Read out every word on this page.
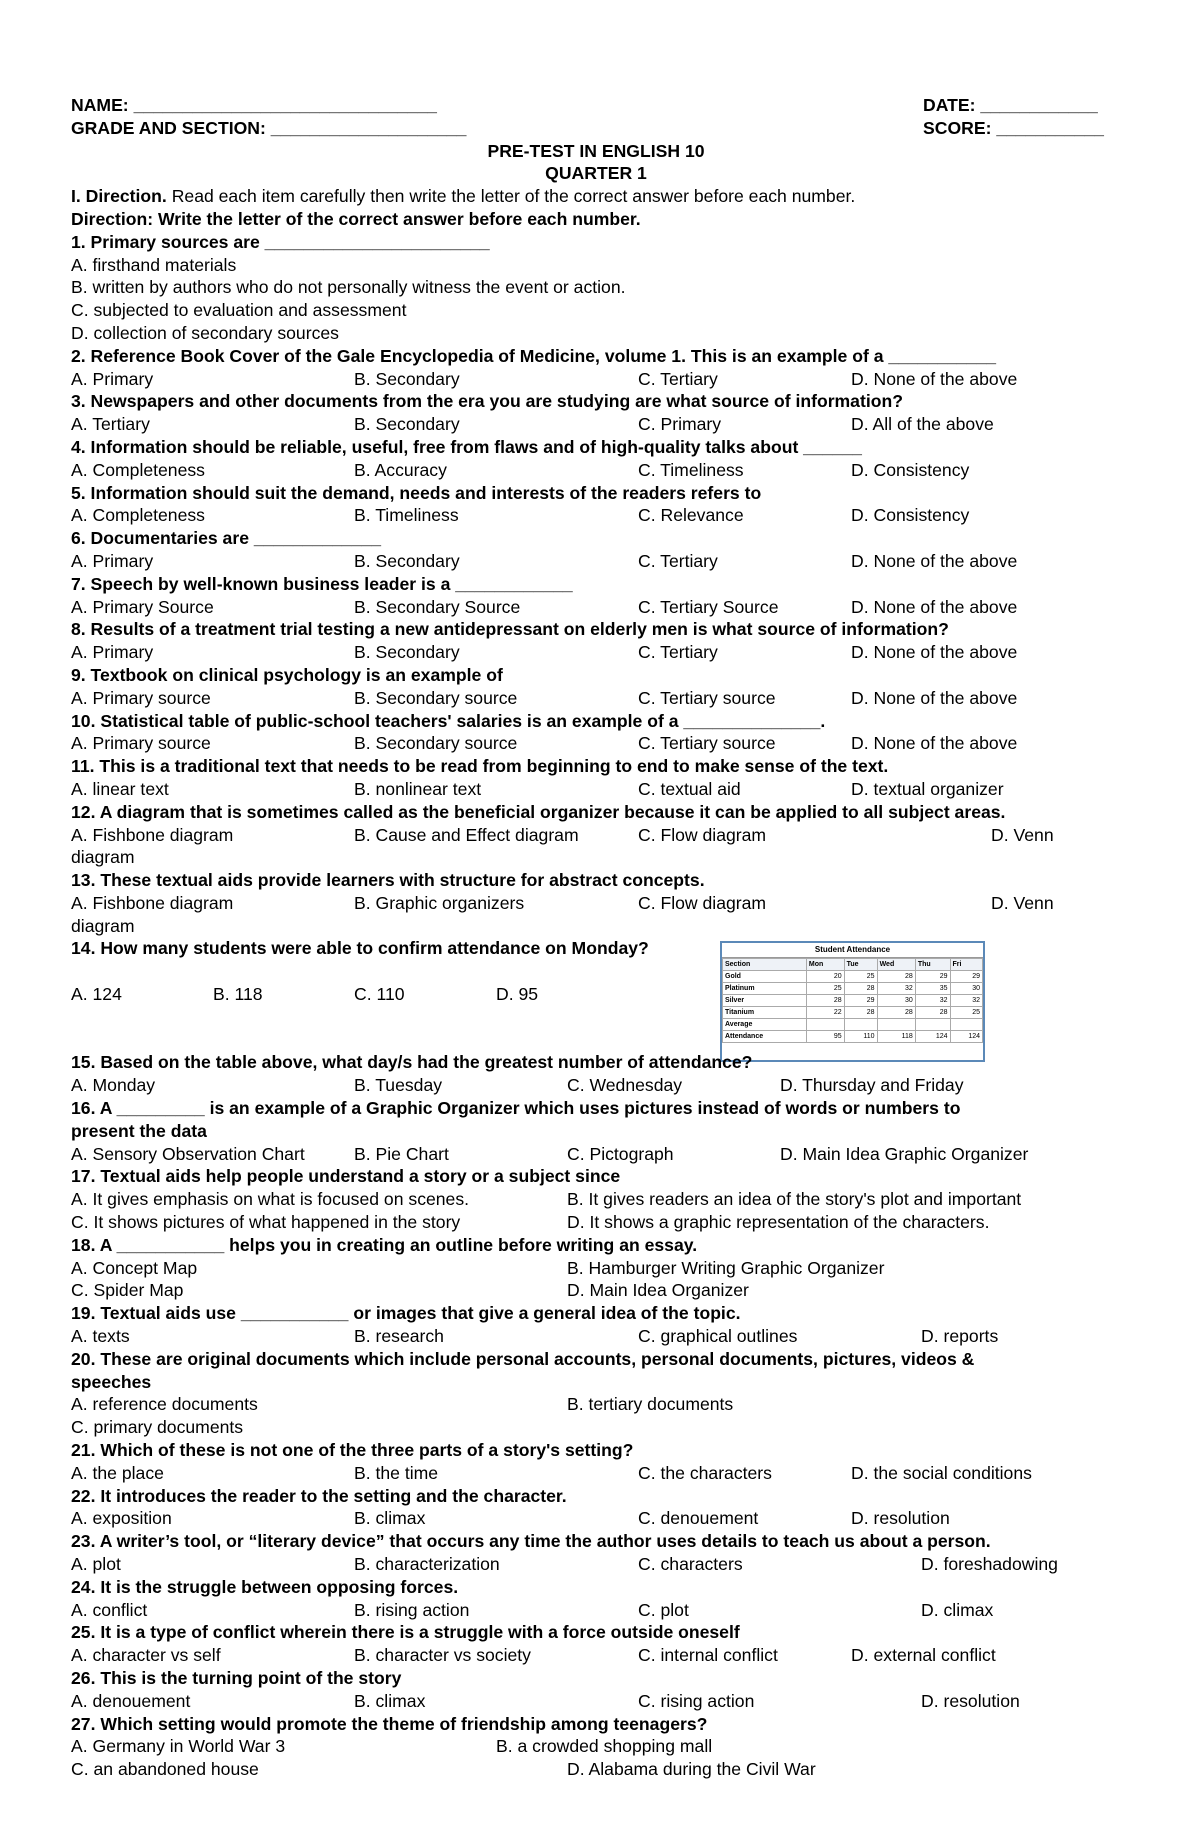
NAME: _______________________________	DATE: ____________
GRADE AND SECTION: ____________________	SCORE: ___________
PRE-TEST IN ENGLISH 10
QUARTER 1
I. Direction. Read each item carefully then write the letter of the correct answer before each number.
Direction: Write the letter of the correct answer before each number.
1. Primary sources are _______________________
A. firsthand materials
B. written by authors who do not personally witness the event or action.
C. subjected to evaluation and assessment
D. collection of secondary sources
2. Reference Book Cover of the Gale Encyclopedia of Medicine, volume 1. This is an example of a ___________
A. Primary	B. Secondary	C. Tertiary	D. None of the above
3. Newspapers and other documents from the era you are studying are what source of information?
A. Tertiary	B. Secondary	C. Primary	D. All of the above
4. Information should be reliable, useful, free from flaws and of high-quality talks about ______
A. Completeness	B. Accuracy	C. Timeliness	D. Consistency
5. Information should suit the demand, needs and interests of the readers refers to
A. Completeness	B. Timeliness	C. Relevance	D. Consistency
6. Documentaries are _____________
A. Primary	B. Secondary	C. Tertiary	D. None of the above
7. Speech by well-known business leader is a ____________
A. Primary Source	B. Secondary Source	C. Tertiary Source	D. None of the above
8. Results of a treatment trial testing a new antidepressant on elderly men is what source of information?
A. Primary	B. Secondary	C. Tertiary	D. None of the above
9. Textbook on clinical psychology is an example of
A. Primary source	B. Secondary source	C. Tertiary source	D. None of the above
10. Statistical table of public-school teachers' salaries is an example of a ______________.
A. Primary source	B. Secondary source	C. Tertiary source	D. None of the above
11. This is a traditional text that needs to be read from beginning to end to make sense of the text.
A. linear text	B. nonlinear text	C. textual aid	D. textual organizer
12. A diagram that is sometimes called as the beneficial organizer because it can be applied to all subject areas.
A. Fishbone diagram	B. Cause and Effect diagram	C. Flow diagram	D. Venn
diagram
13. These textual aids provide learners with structure for abstract concepts.
A. Fishbone diagram	B. Graphic organizers	C. Flow diagram	D. Venn
diagram
14. How many students were able to confirm attendance on Monday?
A. 124	B. 118	C. 110	D. 95
Student Attendance
Section	Mon	Tue	Wed	Thu	Fri
Gold	20	25	28	29	29
Platinum	25	28	32	35	30
Silver	28	29	30	32	32
Titanium	22	28	28	28	25
Average					
Attendance	95	110	118	124	124
15. Based on the table above, what day/s had the greatest number of attendance?
A. Monday	B. Tuesday	C. Wednesday	D. Thursday and Friday
16. A _________ is an example of a Graphic Organizer which uses pictures instead of words or numbers to
present the data
A. Sensory Observation Chart	B. Pie Chart	C. Pictograph	D. Main Idea Graphic Organizer
17. Textual aids help people understand a story or a subject since
A. It gives emphasis on what is focused on scenes.	B. It gives readers an idea of the story's plot and important
C. It shows pictures of what happened in the story	D. It shows a graphic representation of the characters.
18. A ___________ helps you in creating an outline before writing an essay.
A. Concept Map	B. Hamburger Writing Graphic Organizer
C. Spider Map	D. Main Idea Organizer
19. Textual aids use ___________ or images that give a general idea of the topic.
A. texts	B. research	C. graphical outlines	D. reports
20. These are original documents which include personal accounts, personal documents, pictures, videos &
speeches
A. reference documents	B. tertiary documents
C. primary documents
21. Which of these is not one of the three parts of a story's setting?
A. the place	B. the time	C. the characters	D. the social conditions
22. It introduces the reader to the setting and the character.
A. exposition	B. climax	C. denouement	D. resolution
23. A writer’s tool, or “literary device” that occurs any time the author uses details to teach us about a person.
A. plot	B. characterization	C. characters	D. foreshadowing
24. It is the struggle between opposing forces.
A. conflict	B. rising action	C. plot	D. climax
25. It is a type of conflict wherein there is a struggle with a force outside oneself
A. character vs self	B. character vs society	C. internal conflict	D. external conflict
26. This is the turning point of the story
A. denouement	B. climax	C. rising action	D. resolution
27. Which setting would promote the theme of friendship among teenagers?
A. Germany in World War 3	B. a crowded shopping mall
C. an abandoned house	D. Alabama during the Civil War
